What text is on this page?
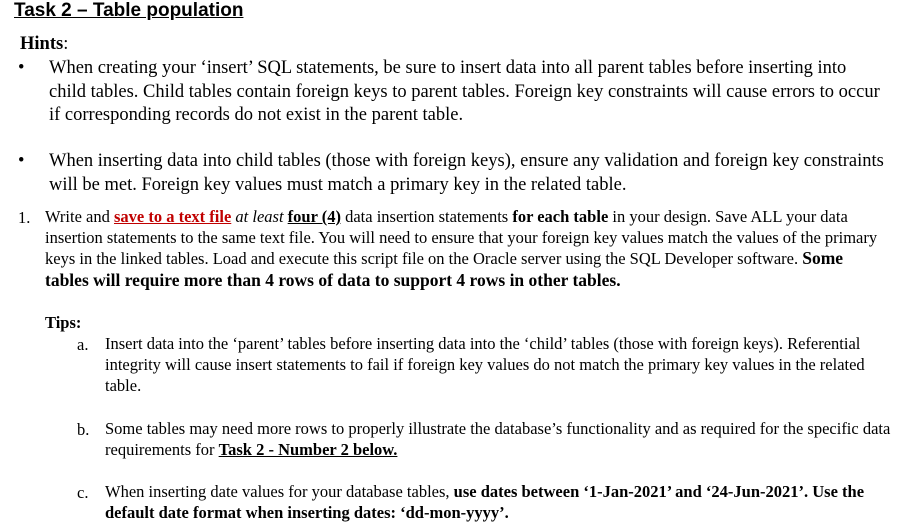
Task 2 – Table population
Hints:
• When creating your ‘insert’ SQL statements, be sure to insert data into all parent tables before inserting into child tables. Child tables contain foreign keys to parent tables. Foreign key constraints will cause errors to occur if corresponding records do not exist in the parent table.
• When inserting data into child tables (those with foreign keys), ensure any validation and foreign key constraints will be met. Foreign key values must match a primary key in the related table.
1. Write and save to a text file at least four (4) data insertion statements for each table in your design. Save ALL your data insertion statements to the same text file. You will need to ensure that your foreign key values match the values of the primary keys in the linked tables. Load and execute this script file on the Oracle server using the SQL Developer software. Some tables will require more than 4 rows of data to support 4 rows in other tables.
Tips:
a. Insert data into the ‘parent’ tables before inserting data into the ‘child’ tables (those with foreign keys). Referential integrity will cause insert statements to fail if foreign key values do not match the primary key values in the related table.
b. Some tables may need more rows to properly illustrate the database’s functionality and as required for the specific data requirements for Task 2 - Number 2 below.
c. When inserting date values for your database tables, use dates between ‘1-Jan-2021’ and ‘24-Jun-2021’. Use the default date format when inserting dates: ‘dd-mon-yyyy’.
